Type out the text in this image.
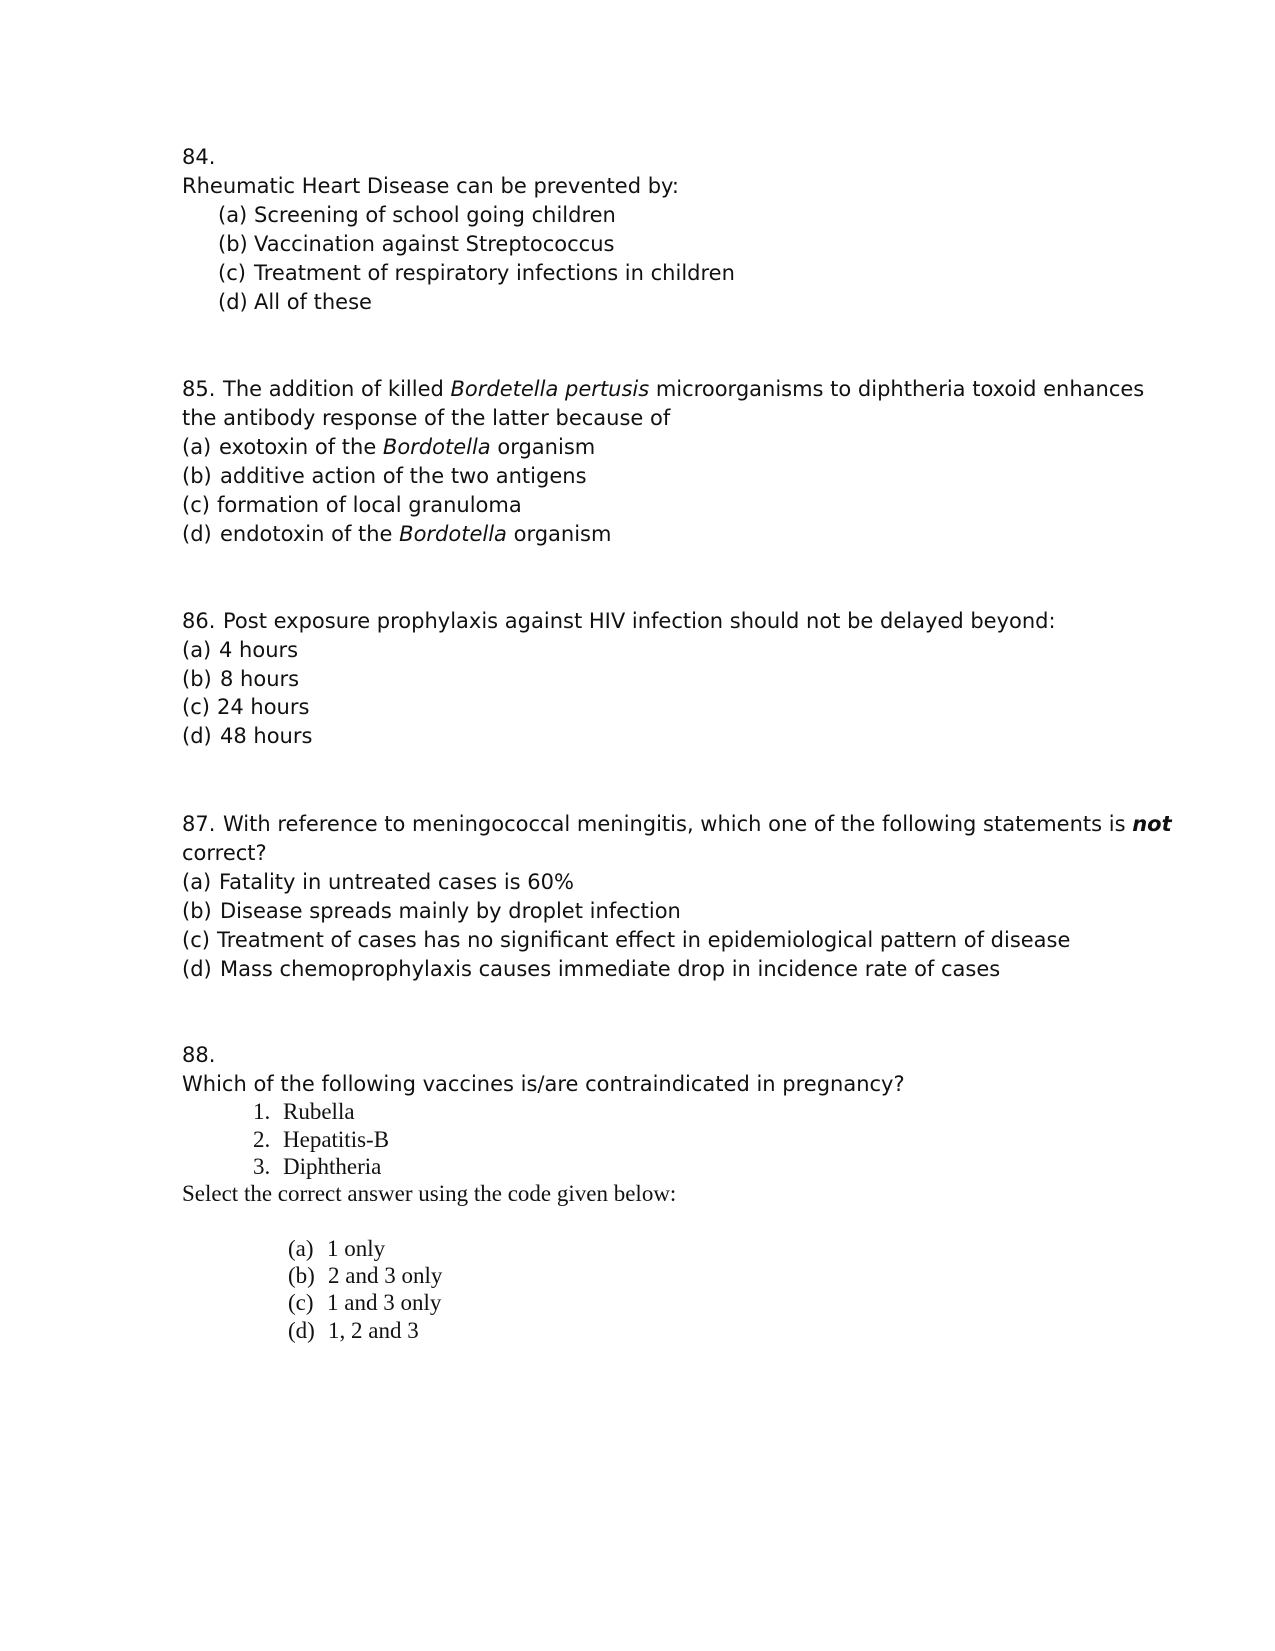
84.
Rheumatic Heart Disease can be prevented by:
(a) Screening of school going children
(b) Vaccination against Streptococcus
(c) Treatment of respiratory infections in children
(d) All of these
85. The addition of killed Bordetella pertusis microorganisms to diphtheria toxoid enhances
the antibody response of the latter because of
(a) exotoxin of the Bordotella organism
(b) additive action of the two antigens
(c) formation of local granuloma
(d) endotoxin of the Bordotella organism
86. Post exposure prophylaxis against HIV infection should not be delayed beyond:
(a) 4 hours
(b) 8 hours
(c) 24 hours
(d) 48 hours
87. With reference to meningococcal meningitis, which one of the following statements is not
correct?
(a) Fatality in untreated cases is 60%
(b) Disease spreads mainly by droplet infection
(c) Treatment of cases has no significant effect in epidemiological pattern of disease
(d) Mass chemoprophylaxis causes immediate drop in incidence rate of cases
88.
Which of the following vaccines is/are contraindicated in pregnancy?
1. Rubella
2. Hepatitis-B
3. Diphtheria
Select the correct answer using the code given below:
(a) 1 only
(b) 2 and 3 only
(c) 1 and 3 only
(d) 1, 2 and 3
